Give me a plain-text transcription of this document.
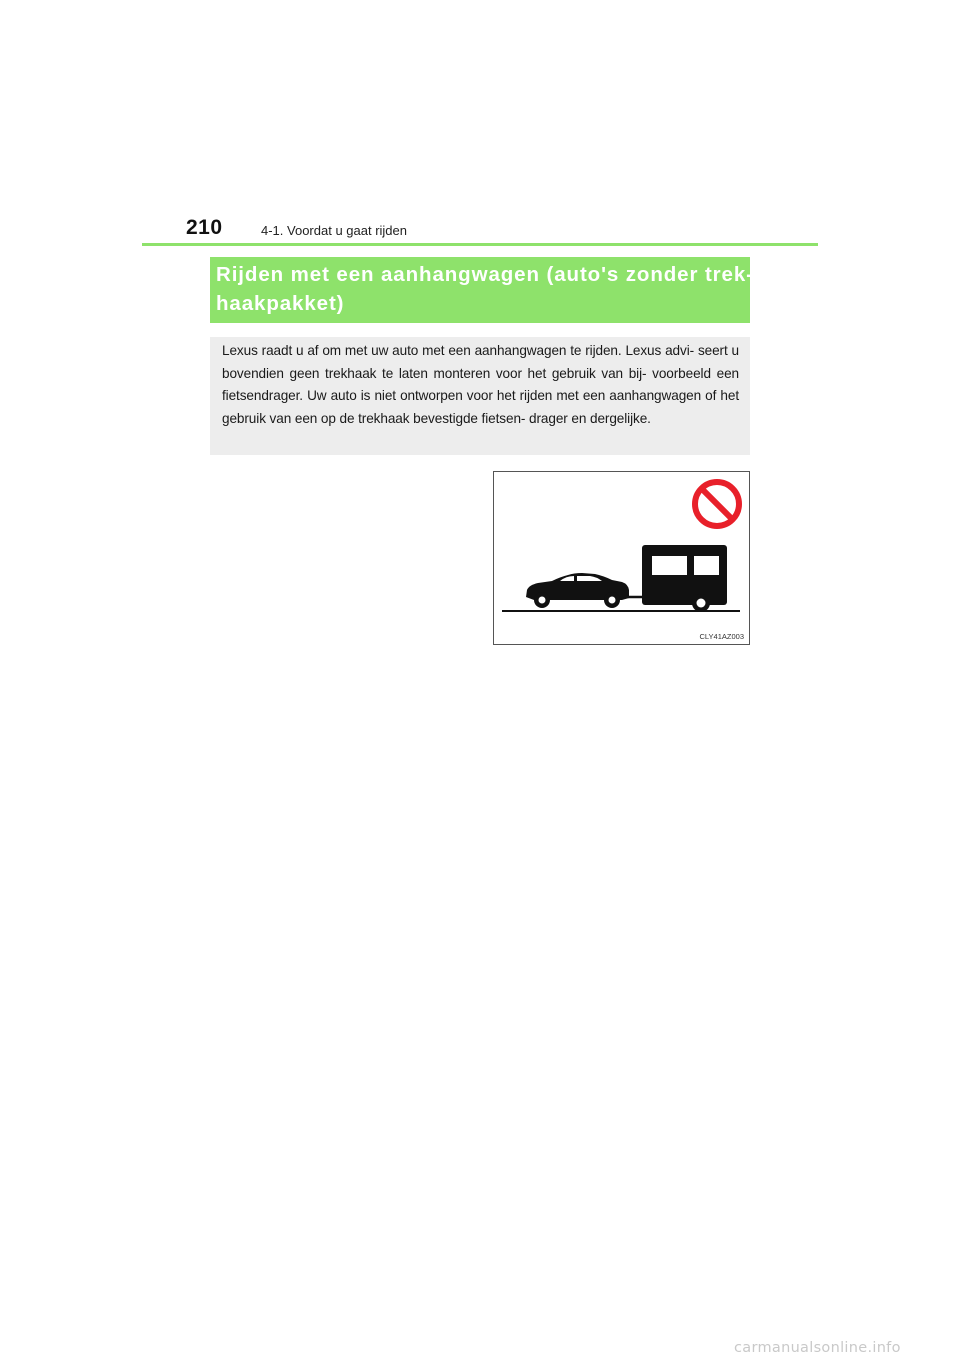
210	4-1. Voordat u gaat rijden
Rijden met een aanhangwagen (auto's zonder trek-
haakpakket)

Lexus raadt u af om met uw auto met een aanhangwagen te rijden. Lexus advi- seert u bovendien geen trekhaak te laten monteren voor het gebruik van bij- voorbeeld een fietsendrager. Uw auto is niet ontworpen voor het rijden met een aanhangwagen of het gebruik van een op de trekhaak bevestigde fietsen- drager en dergelijke.

CLY41AZ003
carmanualsonline.info
